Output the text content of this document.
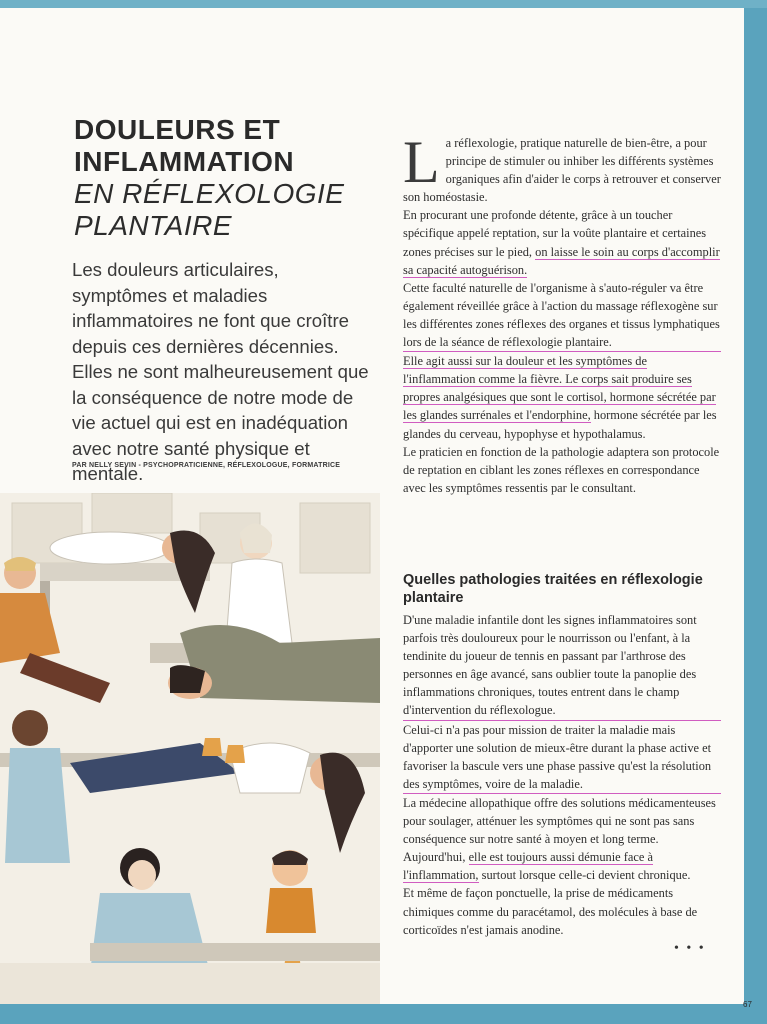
DOULEURS ET
INFLAMMATION
EN RÉFLEXOLOGIE
PLANTAIRE
Les douleurs articulaires, symptômes et maladies inflammatoires ne font que croître depuis ces dernières décennies. Elles ne sont malheureusement que la conséquence de notre mode de vie actuel qui est en inadéquation avec notre santé physique et mentale.
PAR NELLY SEVIN - PSYCHOPRATICIENNE, RÉFLEXOLOGUE, FORMATRICE

La réflexologie, pratique naturelle de bien-être, a pour principe de stimuler ou inhiber les différents systèmes organiques afin d'aider le corps à retrouver et conserver son homéostasie.

En procurant une profonde détente, grâce à un toucher spécifique appelé reptation, sur la voûte plantaire et certaines zones précises sur le pied, on laisse le soin au corps d'accomplir sa capacité autoguérison.

Cette faculté naturelle de l'organisme à s'auto-réguler va être également réveillée grâce à l'action du massage réflexogène sur les différentes zones réflexes des organes et tissus lymphatiques lors de la séance de réflexologie plantaire.

Elle agit aussi sur la douleur et les symptômes de l'inflammation comme la fièvre. Le corps sait produire ses propres analgésiques que sont le cortisol, hormone sécrétée par les glandes surrénales et l'endorphine, hormone sécrétée par les glandes du cerveau, hypophyse et hypothalamus.

Le praticien en fonction de la pathologie adaptera son protocole de reptation en ciblant les zones réflexes en correspondance avec les symptômes ressentis par le consultant.

Quelles pathologies traitées en réflexologie plantaire

D'une maladie infantile dont les signes inflammatoires sont parfois très douloureux pour le nourrisson ou l'enfant, à la tendinite du joueur de tennis en passant par l'arthrose des personnes en âge avancé, sans oublier toute la panoplie des inflammations chroniques, toutes entrent dans le champ d'intervention du réflexologue.

Celui-ci n'a pas pour mission de traiter la maladie mais d'apporter une solution de mieux-être durant la phase active et favoriser la bascule vers une phase passive qu'est la résolution des symptômes, voire de la maladie.

La médecine allopathique offre des solutions médicamenteuses pour soulager, atténuer les symptômes qui ne sont pas sans conséquence sur notre santé à moyen et long terme. Aujourd'hui, elle est toujours aussi démunie face à l'inflammation, surtout lorsque celle-ci devient chronique.

Et même de façon ponctuelle, la prise de médicaments chimiques comme du paracétamol, des molécules à base de corticoïdes n'est jamais anodine.

• • •
67
